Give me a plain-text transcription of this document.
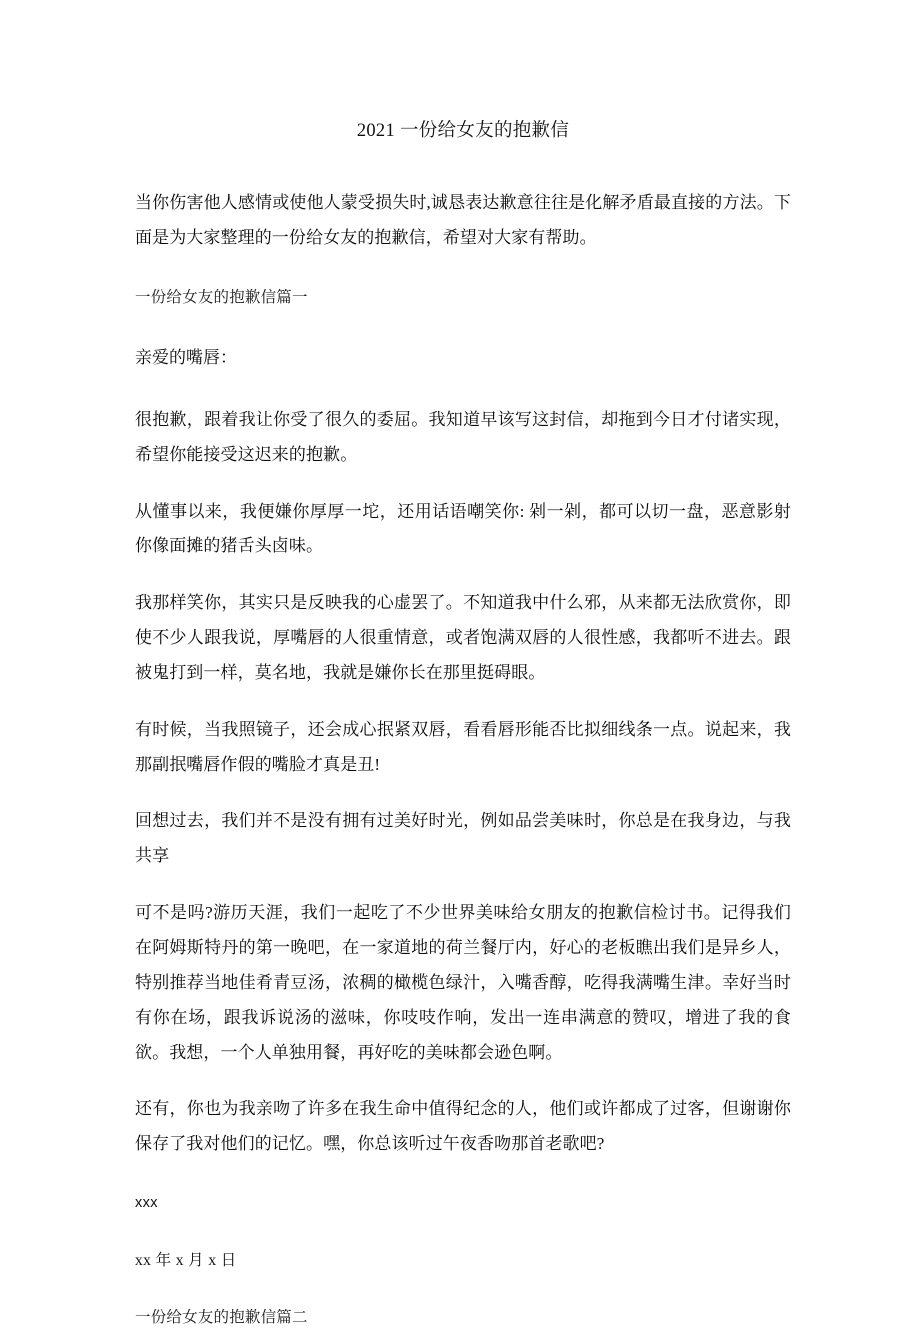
2021 一份给女友的抱歉信

当你伤害他人感情或使他人蒙受损失时,诚恳表达歉意往往是化解矛盾最直接的方法。下面是为大家整理的一份给女友的抱歉信，希望对大家有帮助。

一份给女友的抱歉信篇一

亲爱的嘴唇：

很抱歉，跟着我让你受了很久的委屈。我知道早该写这封信，却拖到今日才付诸实现，希望你能接受这迟来的抱歉。

从懂事以来，我便嫌你厚厚一坨，还用话语嘲笑你: 剁一剁，都可以切一盘，恶意影射你像面摊的猪舌头卤味。

我那样笑你，其实只是反映我的心虚罢了。不知道我中什么邪，从来都无法欣赏你，即使不少人跟我说，厚嘴唇的人很重情意，或者饱满双唇的人很性感，我都听不进去。跟被鬼打到一样，莫名地，我就是嫌你长在那里挺碍眼。

有时候，当我照镜子，还会成心抿紧双唇，看看唇形能否比拟细线条一点。说起来，我那副抿嘴唇作假的嘴脸才真是丑!

回想过去，我们并不是没有拥有过美好时光，例如品尝美味时，你总是在我身边，与我共享

可不是吗?游历天涯，我们一起吃了不少世界美味给女朋友的抱歉信检讨书。记得我们在阿姆斯特丹的第一晚吧，在一家道地的荷兰餐厅内，好心的老板瞧出我们是异乡人，特别推荐当地佳肴青豆汤，浓稠的橄榄色绿汁，入嘴香醇，吃得我满嘴生津。幸好当时有你在场，跟我诉说汤的滋味，你吱吱作响，发出一连串满意的赞叹，增进了我的食欲。我想，一个人单独用餐，再好吃的美味都会逊色啊。

还有，你也为我亲吻了许多在我生命中值得纪念的人，他们或许都成了过客，但谢谢你保存了我对他们的记忆。嘿，你总该听过午夜香吻那首老歌吧?

xxx

xx 年 x 月 x 日

一份给女友的抱歉信篇二
